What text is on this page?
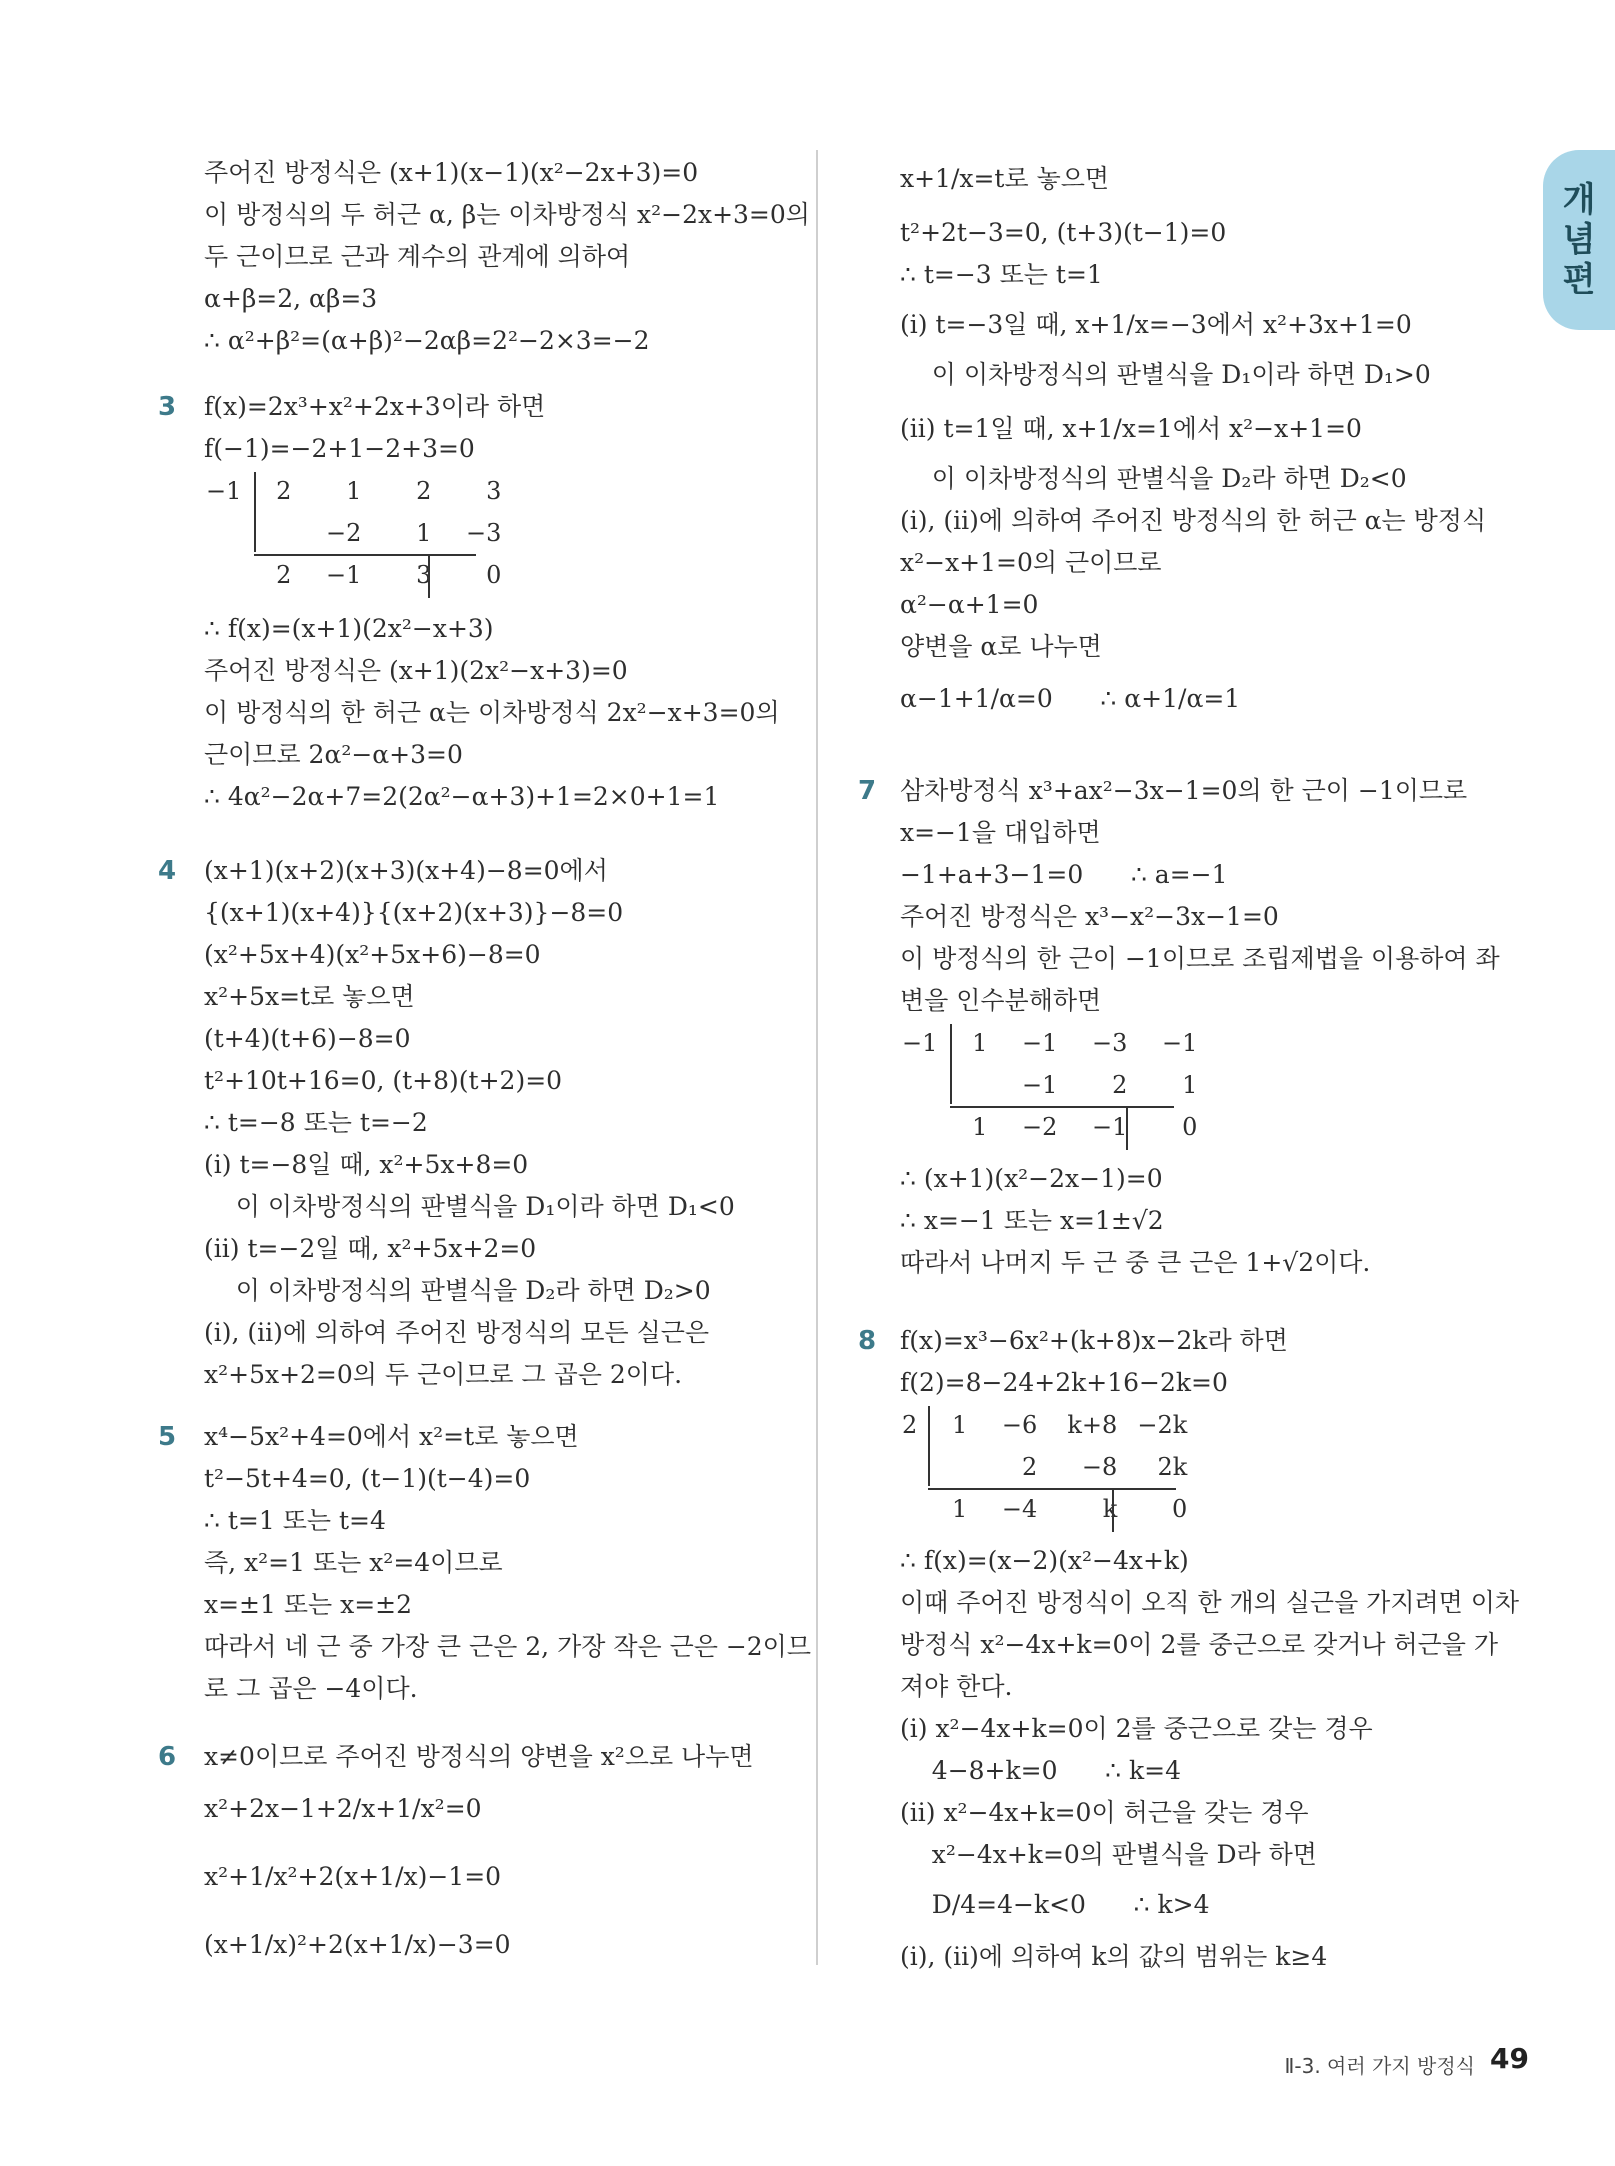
개
념
편
주어진 방정식은 (x+1)(x−1)(x²−2x+3)=0
이 방정식의 두 허근 α, β는 이차방정식 x²−2x+3=0의
두 근이므로 근과 계수의 관계에 의하여
α+β=2, αβ=3
∴ α²+β²=(α+β)²−2αβ=2²−2×3=−2
3 f(x)=2x³+x²+2x+3이라 하면
f(−1)=−2+1−2+3=0
−1	2	1	2	3
		−2	1	−3
	2	−1	3	0
∴ f(x)=(x+1)(2x²−x+3)
주어진 방정식은 (x+1)(2x²−x+3)=0
이 방정식의 한 허근 α는 이차방정식 2x²−x+3=0의
근이므로 2α²−α+3=0
∴ 4α²−2α+7=2(2α²−α+3)+1=2×0+1=1
4 (x+1)(x+2)(x+3)(x+4)−8=0에서
{(x+1)(x+4)}{(x+2)(x+3)}−8=0
(x²+5x+4)(x²+5x+6)−8=0
x²+5x=t로 놓으면
(t+4)(t+6)−8=0
t²+10t+16=0, (t+8)(t+2)=0
∴ t=−8 또는 t=−2
(ⅰ) t=−8일 때, x²+5x+8=0
이 이차방정식의 판별식을 D₁이라 하면 D₁<0
(ⅱ) t=−2일 때, x²+5x+2=0
이 이차방정식의 판별식을 D₂라 하면 D₂>0
(ⅰ), (ⅱ)에 의하여 주어진 방정식의 모든 실근은
x²+5x+2=0의 두 근이므로 그 곱은 2이다.
5 x⁴−5x²+4=0에서 x²=t로 놓으면
t²−5t+4=0, (t−1)(t−4)=0
∴ t=1 또는 t=4
즉, x²=1 또는 x²=4이므로
x=±1 또는 x=±2
따라서 네 근 중 가장 큰 근은 2, 가장 작은 근은 −2이므
로 그 곱은 −4이다.
6 x≠0이므로 주어진 방정식의 양변을 x²으로 나누면
x²+2x−1+2/x+1/x²=0
x²+1/x²+2(x+1/x)−1=0
(x+1/x)²+2(x+1/x)−3=0
x+1/x=t로 놓으면
t²+2t−3=0, (t+3)(t−1)=0
∴ t=−3 또는 t=1
(ⅰ) t=−3일 때, x+1/x=−3에서 x²+3x+1=0
이 이차방정식의 판별식을 D₁이라 하면 D₁>0
(ⅱ) t=1일 때, x+1/x=1에서 x²−x+1=0
이 이차방정식의 판별식을 D₂라 하면 D₂<0
(ⅰ), (ⅱ)에 의하여 주어진 방정식의 한 허근 α는 방정식
x²−x+1=0의 근이므로
α²−α+1=0
양변을 α로 나누면
α−1+1/α=0      ∴ α+1/α=1
7 삼차방정식 x³+ax²−3x−1=0의 한 근이 −1이므로
x=−1을 대입하면
−1+a+3−1=0      ∴ a=−1
주어진 방정식은 x³−x²−3x−1=0
이 방정식의 한 근이 −1이므로 조립제법을 이용하여 좌
변을 인수분해하면
−1	1	−1	−3	−1
		−1	2	1
	1	−2	−1	0
∴ (x+1)(x²−2x−1)=0
∴ x=−1 또는 x=1±√2
따라서 나머지 두 근 중 큰 근은 1+√2이다.
8 f(x)=x³−6x²+(k+8)x−2k라 하면
f(2)=8−24+2k+16−2k=0
2	1	−6	k+8	−2k
		2	−8	2k
	1	−4	k	0
∴ f(x)=(x−2)(x²−4x+k)
이때 주어진 방정식이 오직 한 개의 실근을 가지려면 이차
방정식 x²−4x+k=0이 2를 중근으로 갖거나 허근을 가
져야 한다.
(ⅰ) x²−4x+k=0이 2를 중근으로 갖는 경우
4−8+k=0      ∴ k=4
(ⅱ) x²−4x+k=0이 허근을 갖는 경우
x²−4x+k=0의 판별식을 D라 하면
D/4=4−k<0      ∴ k>4
(ⅰ), (ⅱ)에 의하여 k의 값의 범위는 k≥4
Ⅱ-3. 여러 가지 방정식 49
